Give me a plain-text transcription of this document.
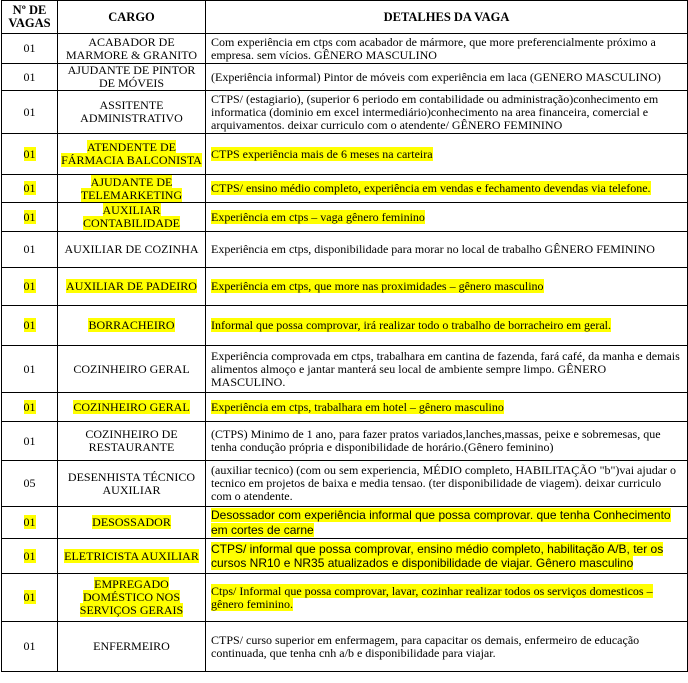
Nº DE VAGAS	CARGO	DETALHES DA VAGA
01	ACABADOR DE MARMORE & GRANITO	Com experiência em ctps com acabador de mármore, que more preferencialmente próximo a empresa. sem vícios. GÊNERO MASCULINO
01	AJUDANTE DE PINTOR DE MÓVEIS	(Experiência informal) Pintor de móveis com experiência em laca (GENERO MASCULINO)
01	ASSITENTE ADMINISTRATIVO	CTPS/ (estagiario), (superior 6 periodo em contabilidade ou administração)conhecimento em informatica (dominio em excel intermediário)conhecimento na area financeira, comercial e arquivamentos. deixar curriculo com o atendente/ GÊNERO FEMININO
01	ATENDENTE DE FÁRMACIA BALCONISTA	CTPS experiência mais de 6 meses na carteira
01	AJUDANTE DE TELEMARKETING	CTPS/ ensino médio completo, experiência em vendas e fechamento devendas via telefone.
01	AUXILIAR CONTABILIDADE	Experiência em ctps – vaga gênero feminino
01	AUXILIAR DE COZINHA	Experiência em ctps, disponibilidade para morar no local de trabalho GÊNERO FEMININO
01	AUXILIAR DE PADEIRO	Experiência em ctps, que more nas proximidades – gênero masculino
01	BORRACHEIRO	Informal que possa comprovar, irá realizar todo o trabalho de borracheiro em geral.
01	COZINHEIRO GERAL	Experiência comprovada em ctps, trabalhara em cantina de fazenda, fará café, da manha e demais alimentos almoço e jantar manterá seu local de ambiente sempre limpo. GÊNERO MASCULINO.
01	COZINHEIRO GERAL	Experiência em ctps, trabalhara em hotel – gênero masculino
01	COZINHEIRO DE RESTAURANTE	(CTPS) Minimo de 1 ano, para fazer pratos variados,lanches,massas, peixe e sobremesas, que tenha condução própria e disponibilidade de horário.(Gênero feminino)
05	DESENHISTA TÉCNICO AUXILIAR	(auxiliar tecnico) (com ou sem experiencia, MÉDIO completo, HABILITAÇÃO "b")vai ajudar o tecnico em projetos de baixa e media tensao. (ter disponibilidade de viagem). deixar curriculo com o atendente.
01	DESOSSADOR	Desossador com experiência informal que possa comprovar. que tenha Conhecimento em cortes de carne
01	ELETRICISTA AUXILIAR	CTPS/ informal que possa comprovar, ensino médio completo, habilitação A/B, ter os cursos NR10 e NR35 atualizados e disponibilidade de viajar. Gênero masculino
01	EMPREGADO DOMÉSTICO NOS SERVIÇOS GERAIS	Ctps/ Informal que possa comprovar, lavar, cozinhar realizar todos os serviços domesticos – gênero feminino.
01	ENFERMEIRO	CTPS/ curso superior em enfermagem, para capacitar os demais, enfermeiro de educação continuada, que tenha cnh a/b e disponibilidade para viajar.
